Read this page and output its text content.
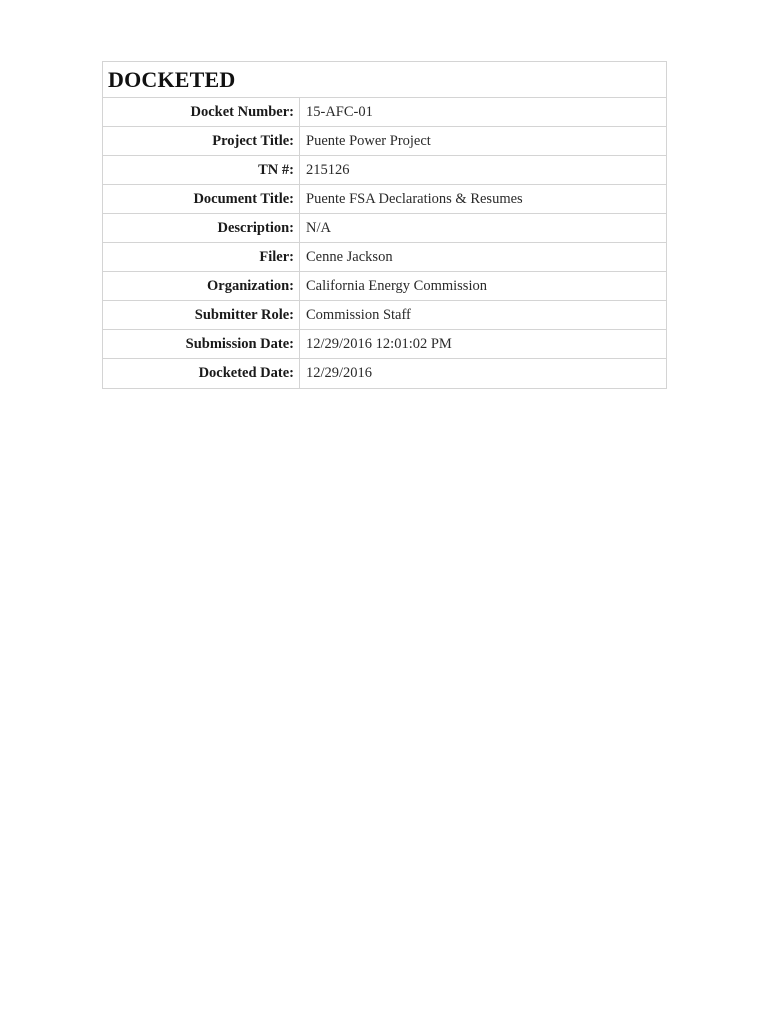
DOCKETED
Docket Number: 15-AFC-01
Project Title: Puente Power Project
TN #: 215126
Document Title: Puente FSA Declarations & Resumes
Description: N/A
Filer: Cenne Jackson
Organization: California Energy Commission
Submitter Role: Commission Staff
Submission Date: 12/29/2016 12:01:02 PM
Docketed Date: 12/29/2016
